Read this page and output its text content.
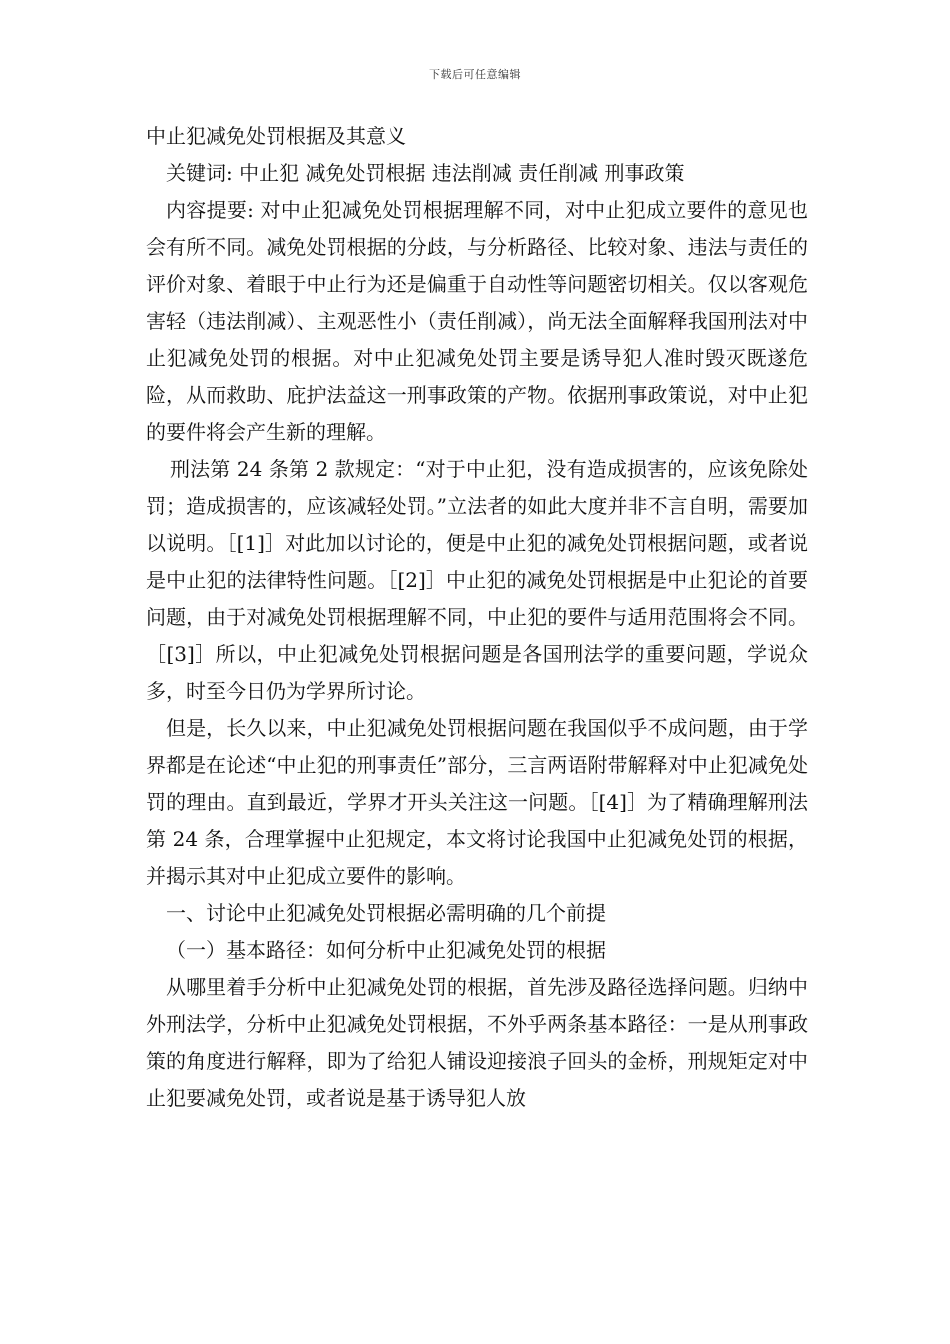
下载后可任意编辑

中止犯减免处罚根据及其意义

关键词: 中止犯 减免处罚根据 违法削减 责任削减 刑事政策

内容提要: 对中止犯减免处罚根据理解不同，对中止犯成立要件的意见也会有所不同。减免处罚根据的分歧，与分析路径、比较对象、违法与责任的评价对象、着眼于中止行为还是偏重于自动性等问题密切相关。仅以客观危害轻（违法削减）、主观恶性小（责任削减），尚无法全面解释我国刑法对中止犯减免处罚的根据。对中止犯减免处罚主要是诱导犯人准时毁灭既遂危险，从而救助、庇护法益这一刑事政策的产物。依据刑事政策说，对中止犯的要件将会产生新的理解。

刑法第 24 条第 2 款规定：“对于中止犯，没有造成损害的，应该免除处罚；造成损害的，应该减轻处罚。”立法者的如此大度并非不言自明，需要加以说明。［[1]］对此加以讨论的，便是中止犯的减免处罚根据问题，或者说是中止犯的法律特性问题。［[2]］中止犯的减免处罚根据是中止犯论的首要问题，由于对减免处罚根据理解不同，中止犯的要件与适用范围将会不同。［[3]］所以，中止犯减免处罚根据问题是各国刑法学的重要问题，学说众多，时至今日仍为学界所讨论。

但是，长久以来，中止犯减免处罚根据问题在我国似乎不成问题，由于学界都是在论述“中止犯的刑事责任”部分，三言两语附带解释对中止犯减免处罚的理由。直到最近，学界才开头关注这一问题。［[4]］为了精确理解刑法第 24 条，合理掌握中止犯规定，本文将讨论我国中止犯减免处罚的根据，并揭示其对中止犯成立要件的影响。

一、讨论中止犯减免处罚根据必需明确的几个前提

（一）基本路径：如何分析中止犯减免处罚的根据

从哪里着手分析中止犯减免处罚的根据，首先涉及路径选择问题。归纳中外刑法学，分析中止犯减免处罚根据，不外乎两条基本路径：一是从刑事政策的角度进行解释，即为了给犯人铺设迎接浪子回头的金桥，刑规矩定对中止犯要减免处罚，或者说是基于诱导犯人放
